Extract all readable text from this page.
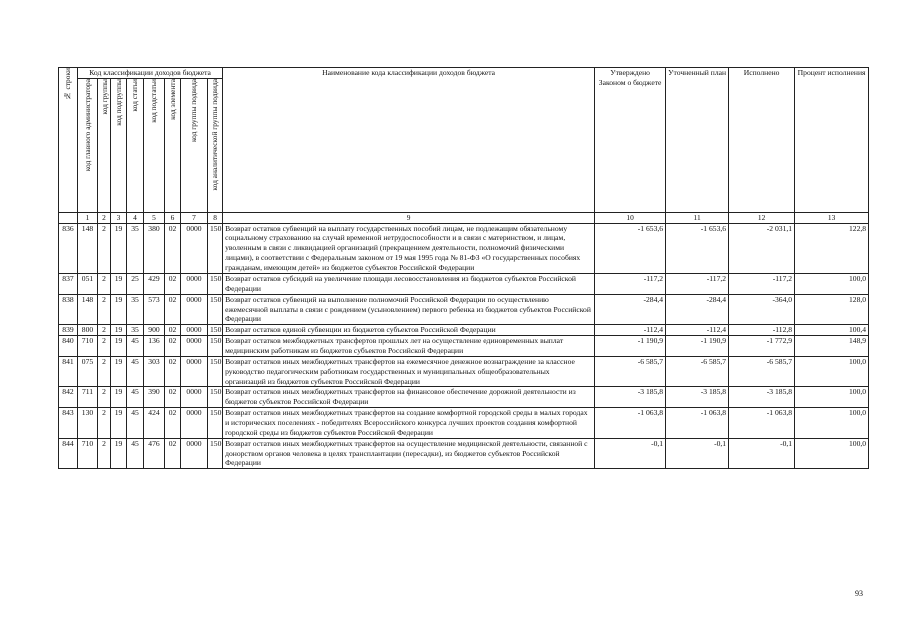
№ строки	Код классификации доходов бюджета								Наименование кода классификации доходов бюджета	Утверждено Законом о бюджете	Уточненный план	Исполнено	Процент исполнения
	код главного администратора	код группы	код подгруппы	код статьи	код подстатьи	код элемента	код группы подвида	код аналитической группы подвида					
	1	2	3	4	5	6	7	8	9	10	11	12	13
836	148	2	19	35	380	02	0000	150	Возврат остатков субвенций на выплату государственных пособий лицам, не подлежащим обязательному социальному страхованию на случай временной нетрудоспособности и в связи с материнством, и лицам, уволенным в связи с ликвидацией организаций (прекращением деятельности, полномочий физическими лицами), в соответствии с Федеральным законом от 19 мая 1995 года № 81-ФЗ «О государственных пособиях гражданам, имеющим детей» из бюджетов субъектов Российской Федерации	-1 653,6	-1 653,6	-2 031,1	122,8
837	051	2	19	25	429	02	0000	150	Возврат остатков субсидий на увеличение площади лесовосстановления из бюджетов субъектов Российской Федерации	-117,2	-117,2	-117,2	100,0
838	148	2	19	35	573	02	0000	150	Возврат остатков субвенций на выполнение полномочий Российской Федерации по осуществлению ежемесячной выплаты в связи с рождением (усыновлением) первого ребенка из бюджетов субъектов Российской Федерации	-284,4	-284,4	-364,0	128,0
839	800	2	19	35	900	02	0000	150	Возврат остатков единой субвенции из бюджетов субъектов Российской Федерации	-112,4	-112,4	-112,8	100,4
840	710	2	19	45	136	02	0000	150	Возврат остатков межбюджетных трансфертов прошлых лет на осуществление единовременных выплат медицинским работникам из бюджетов субъектов Российской Федерации	-1 190,9	-1 190,9	-1 772,9	148,9
841	075	2	19	45	303	02	0000	150	Возврат остатков иных межбюджетных трансфертов на ежемесячное денежное вознаграждение за классное руководство педагогическим работникам государственных и муниципальных общеобразовательных организаций из бюджетов субъектов Российской Федерации	-6 585,7	-6 585,7	-6 585,7	100,0
842	711	2	19	45	390	02	0000	150	Возврат остатков иных межбюджетных трансфертов на финансовое обеспечение дорожной деятельности из бюджетов субъектов Российской Федерации	-3 185,8	-3 185,8	-3 185,8	100,0
843	130	2	19	45	424	02	0000	150	Возврат остатков иных межбюджетных трансфертов на создание комфортной городской среды в малых городах и исторических поселениях - победителях Всероссийского конкурса лучших проектов создания комфортной городской среды из бюджетов субъектов Российской Федерации	-1 063,8	-1 063,8	-1 063,8	100,0
844	710	2	19	45	476	02	0000	150	Возврат остатков иных межбюджетных трансфертов на осуществление медицинской деятельности, связанной с донорством органов человека в целях трансплантации (пересадки), из бюджетов субъектов Российской Федерации	-0,1	-0,1	-0,1	100,0
93
